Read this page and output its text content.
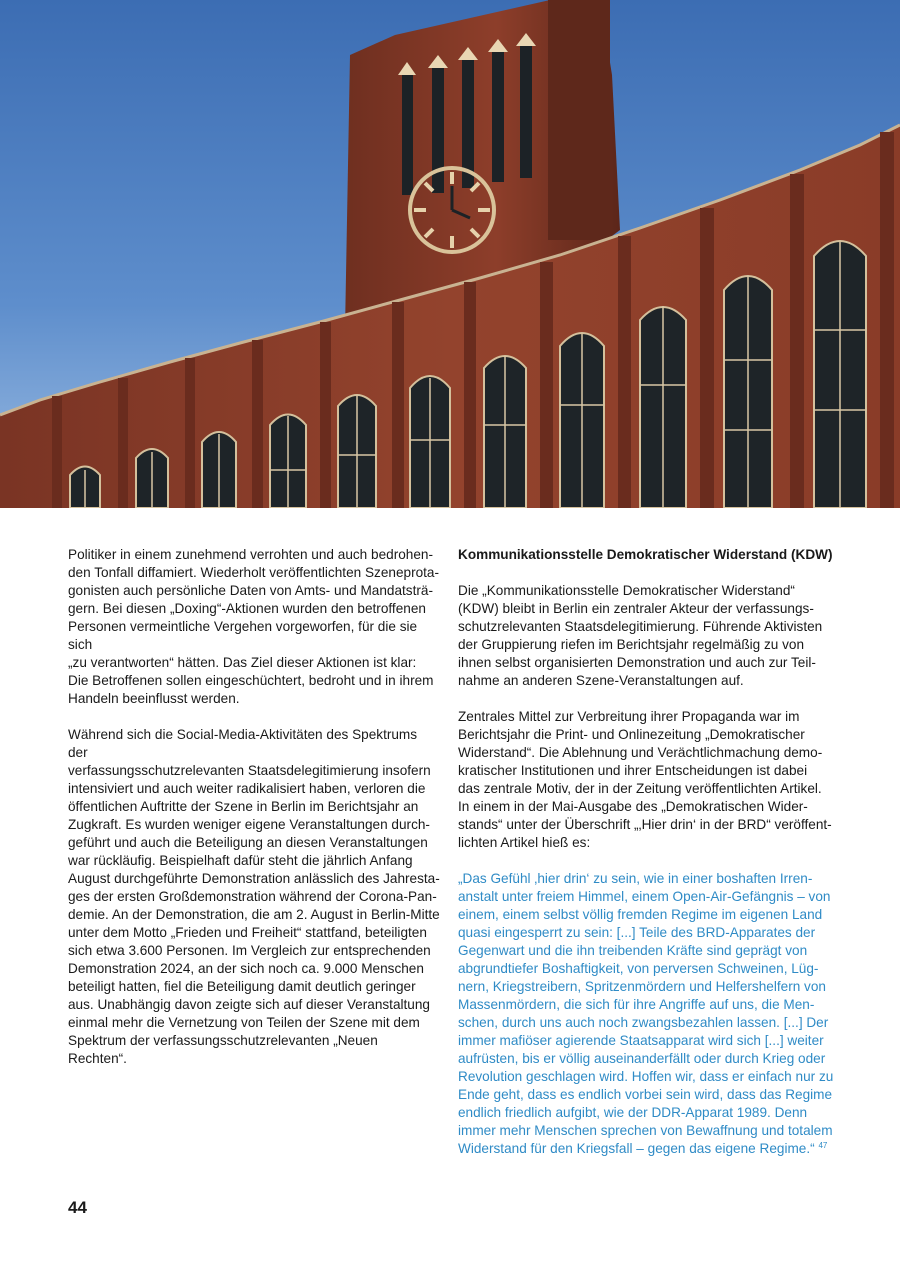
Politiker in einem zunehmend verrohten und auch bedrohen-
den Tonfall diffamiert. Wiederholt veröffentlichten Szeneprota-
gonisten auch persönliche Daten von Amts- und Mandatsträ-
gern. Bei diesen „Doxing“-Aktionen wurden den betroffenen
Personen vermeintliche Vergehen vorgeworfen, für die sie sich
„zu verantworten“ hätten. Das Ziel dieser Aktionen ist klar:
Die Betroffenen sollen eingeschüchtert, bedroht und in ihrem
Handeln beeinflusst werden.

Während sich die Social-Media-Aktivitäten des Spektrums der
verfassungsschutzrelevanten Staatsdelegitimierung insofern
intensiviert und auch weiter radikalisiert haben, verloren die
öffentlichen Auftritte der Szene in Berlin im Berichtsjahr an
Zugkraft. Es wurden weniger eigene Veranstaltungen durch-
geführt und auch die Beteiligung an diesen Veranstaltungen
war rückläufig. Beispielhaft dafür steht die jährlich Anfang
August durchgeführte Demonstration anlässlich des Jahresta-
ges der ersten Großdemonstration während der Corona-Pan-
demie. An der Demonstration, die am 2. August in Berlin-Mitte
unter dem Motto „Frieden und Freiheit“ stattfand, beteiligten
sich etwa 3.600 Personen. Im Vergleich zur entsprechenden
Demonstration 2024, an der sich noch ca. 9.000 Menschen
beteiligt hatten, fiel die Beteiligung damit deutlich geringer
aus. Unabhängig davon zeigte sich auf dieser Veranstaltung
einmal mehr die Vernetzung von Teilen der Szene mit dem
Spektrum der verfassungsschutzrelevanten „Neuen Rechten“.

Kommunikationsstelle Demokratischer Widerstand (KDW)

Die „Kommunikationsstelle Demokratischer Widerstand“
(KDW) bleibt in Berlin ein zentraler Akteur der verfassungs-
schutzrelevanten Staatsdelegitimierung. Führende Aktivisten
der Gruppierung riefen im Berichtsjahr regelmäßig zu von
ihnen selbst organisierten Demonstration und auch zur Teil-
nahme an anderen Szene-Veranstaltungen auf.

Zentrales Mittel zur Verbreitung ihrer Propaganda war im
Berichtsjahr die Print- und Onlinezeitung „Demokratischer
Widerstand“. Die Ablehnung und Verächtlichmachung demo-
kratischer Institutionen und ihrer Entscheidungen ist dabei
das zentrale Motiv, der in der Zeitung veröffentlichten Artikel.
In einem in der Mai-Ausgabe des „Demokratischen Wider-
stands“ unter der Überschrift „‚Hier drin‘ in der BRD“ veröffent-
lichten Artikel hieß es:

„Das Gefühl ‚hier drin‘ zu sein, wie in einer boshaften Irren-
anstalt unter freiem Himmel, einem Open-Air-Gefängnis – von
einem, einem selbst völlig fremden Regime im eigenen Land
quasi eingesperrt zu sein: [...] Teile des BRD-Apparates der
Gegenwart und die ihn treibenden Kräfte sind geprägt von
abgrundtiefer Boshaftigkeit, von perversen Schweinen, Lüg-
nern, Kriegstreibern, Spritzenmördern und Helfershelfern von
Massenmördern, die sich für ihre Angriffe auf uns, die Men-
schen, durch uns auch noch zwangsbezahlen lassen. [...] Der
immer mafiöser agierende Staatsapparat wird sich [...] weiter
aufrüsten, bis er völlig auseinanderfällt oder durch Krieg oder
Revolution geschlagen wird. Hoffen wir, dass er einfach nur zu
Ende geht, dass es endlich vorbei sein wird, dass das Regime
endlich friedlich aufgibt, wie der DDR-Apparat 1989. Denn
immer mehr Menschen sprechen von Bewaffnung und totalem
Widerstand für den Kriegsfall – gegen das eigene Regime.“ $^{47}$

44
